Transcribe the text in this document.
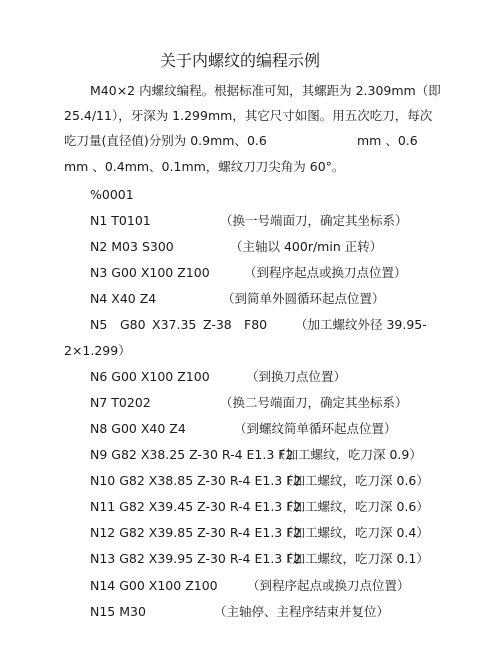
关于内螺纹的编程示例
M40×2 内螺纹编程。根据标准可知，其螺距为 2.309mm（即
25.4/11），牙深为 1.299mm，其它尺寸如图。用五次吃刀，每次
吃刀量(直径值)分别为 0.9mm、0.6	mm 、0.6
mm 、0.4mm、0.1mm，螺纹刀刀尖角为 60°。
%0001
N1 T0101	（换一号端面刀，确定其坐标系）
N2 M03 S300	（主轴以 400r/min 正转）
N3 G00 X100 Z100	（到程序起点或换刀点位置）
N4 X40 Z4	（到简单外圆循环起点位置）
N5 G80 X37.35 Z-38 F80 （加工螺纹外径 39.95-
2×1.299）
N6 G00 X100 Z100	（到换刀点位置）
N7 T0202	（换二号端面刀，确定其坐标系）
N8 G00 X40 Z4	（到螺纹简单循环起点位置）
N9 G82 X38.25 Z-30 R-4 E1.3 F2
（加工螺纹，吃刀深 0.9）
N10 G82 X38.85 Z-30 R-4 E1.3 F2
（加工螺纹，吃刀深 0.6）
N11 G82 X39.45 Z-30 R-4 E1.3 F2
（加工螺纹，吃刀深 0.6）
N12 G82 X39.85 Z-30 R-4 E1.3 F2
（加工螺纹，吃刀深 0.4）
N13 G82 X39.95 Z-30 R-4 E1.3 F2
（加工螺纹，吃刀深 0.1）
N14 G00 X100 Z100 （到程序起点或换刀点位置）
N15 M30	（主轴停、主程序结束并复位）
